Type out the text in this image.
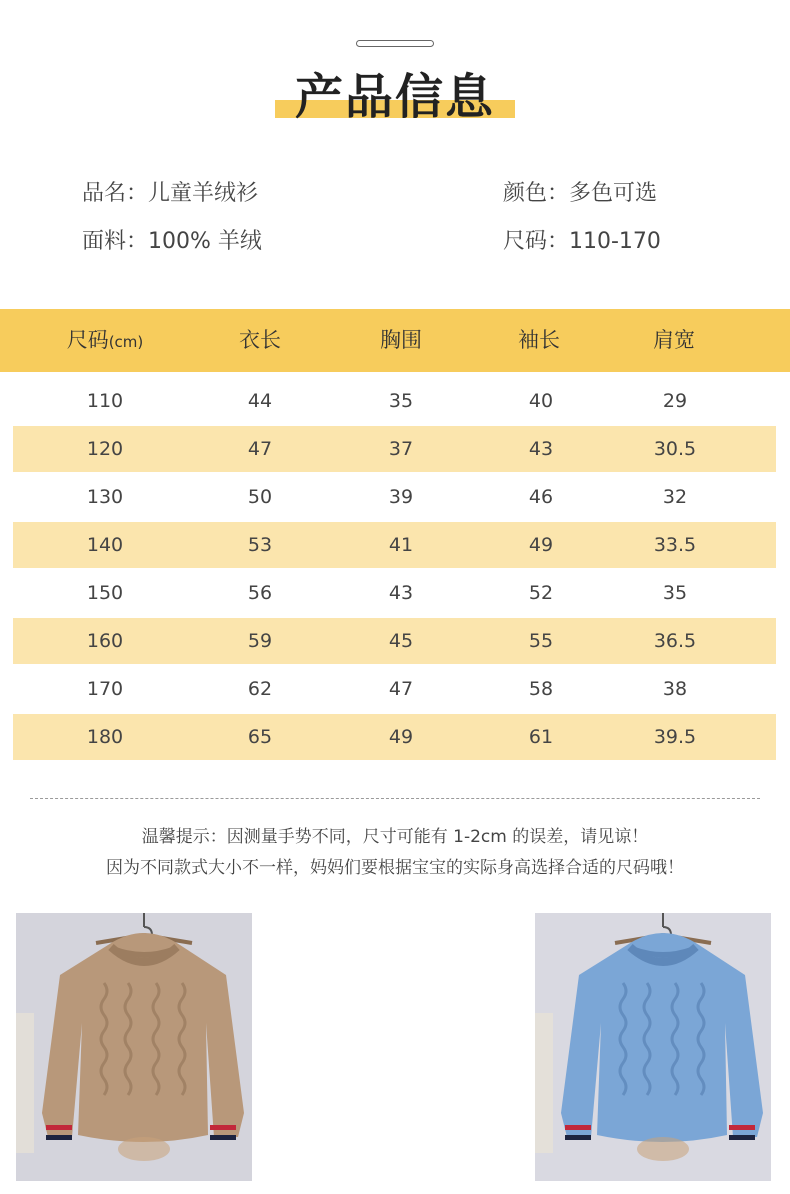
产品信息
品名：儿童羊绒衫	颜色：多色可选
面料：100% 羊绒	尺码：110-170
尺码(cm)	衣长	胸围	袖长	肩宽
110	44	35	40	29
120	47	37	43	30.5
130	50	39	46	32
140	53	41	49	33.5
150	56	43	52	35
160	59	45	55	36.5
170	62	47	58	38
180	65	49	61	39.5
温馨提示：因测量手势不同，尺寸可能有 1-2cm 的误差，请见谅！
因为不同款式大小不一样，妈妈们要根据宝宝的实际身高选择合适的尺码哦！
